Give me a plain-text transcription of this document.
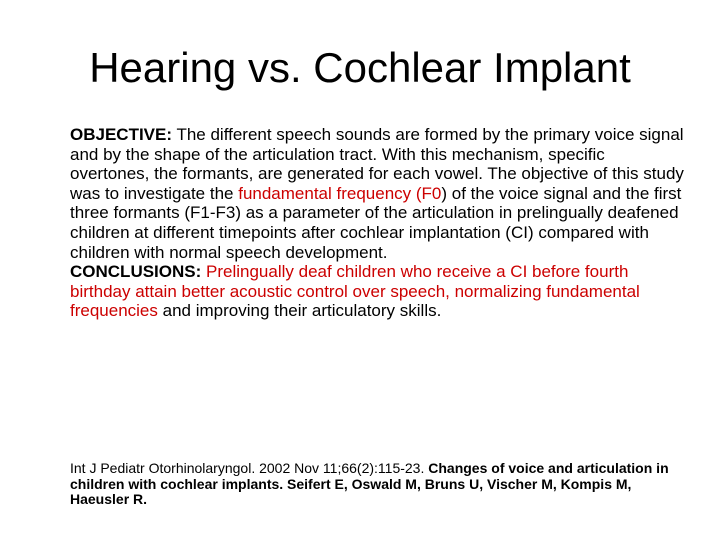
Hearing vs. Cochlear Implant

OBJECTIVE: The different speech sounds are formed by the primary voice signal and by the shape of the articulation tract. With this mechanism, specific overtones, the formants, are generated for each vowel. The objective of this study was to investigate the fundamental frequency (F0) of the voice signal and the first three formants (F1-F3) as a parameter of the articulation in prelingually deafened children at different timepoints after cochlear implantation (CI) compared with children with normal speech development.

CONCLUSIONS: Prelingually deaf children who receive a CI before fourth birthday attain better acoustic control over speech, normalizing fundamental frequencies and improving their articulatory skills.

Int J Pediatr Otorhinolaryngol. 2002 Nov 11;66(2):115-23. Changes of voice and articulation in children with cochlear implants. Seifert E, Oswald M, Bruns U, Vischer M, Kompis M, Haeusler R.
